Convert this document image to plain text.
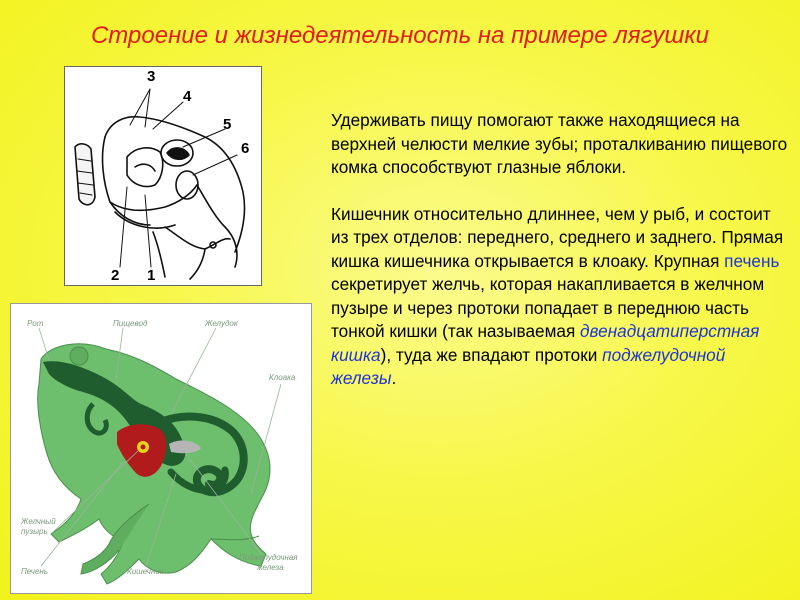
Строение и жизнедеятельность на примере лягушки
3
4
5
6
2 1
Рот	Пищевод	Желудок
Клоака
Желчный
пузырь
Печень	Кишечник
Поджелудочная
железа

Удерживать пищу помогают также находящиеся на верхней челюсти мелкие зубы; проталкиванию пищевого комка способствуют глазные яблоки.

Кишечник относительно длиннее, чем у рыб, и состоит из трех отделов: переднего, среднего и заднего. Прямая кишка кишечника открывается в клоаку. Крупная печень секретирует желчь, которая накапливается в желчном пузыре и через протоки попадает в переднюю часть тонкой кишки (так называемая двенадцатиперстная кишка), туда же впадают протоки поджелудочной железы.
